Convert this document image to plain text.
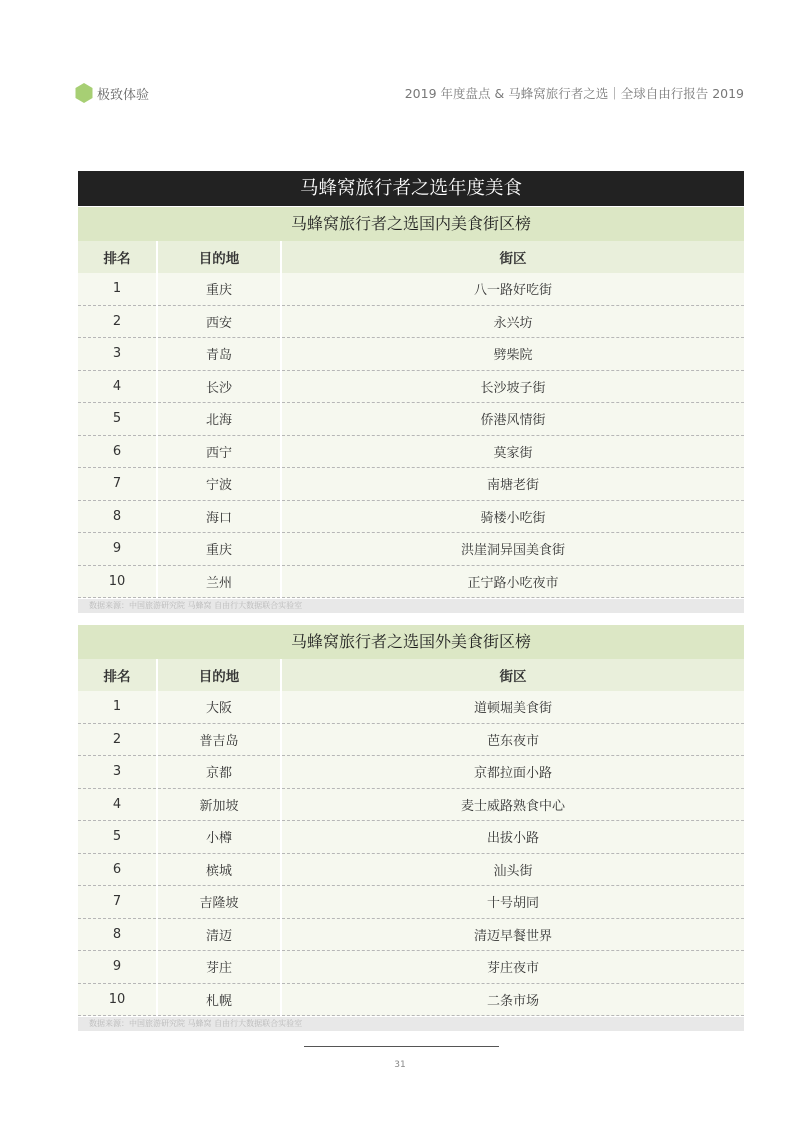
极致体验	2019 年度盘点 & 马蜂窝旅行者之选｜全球自由行报告 2019
马蜂窝旅行者之选年度美食
马蜂窝旅行者之选国内美食街区榜
排名	目的地	街区
1	重庆	八一路好吃街
2	西安	永兴坊
3	青岛	劈柴院
4	长沙	长沙坡子街
5	北海	侨港风情街
6	西宁	莫家街
7	宁波	南塘老街
8	海口	骑楼小吃街
9	重庆	洪崖洞异国美食街
10	兰州	正宁路小吃夜市
数据来源：中国旅游研究院 马蜂窝 自由行大数据联合实验室
马蜂窝旅行者之选国外美食街区榜
排名	目的地	街区
1	大阪	道顿堀美食街
2	普吉岛	芭东夜市
3	京都	京都拉面小路
4	新加坡	麦士威路熟食中心
5	小樽	出拔小路
6	槟城	汕头街
7	吉隆坡	十号胡同
8	清迈	清迈早餐世界
9	芽庄	芽庄夜市
10	札幌	二条市场
数据来源：中国旅游研究院 马蜂窝 自由行大数据联合实验室
31
